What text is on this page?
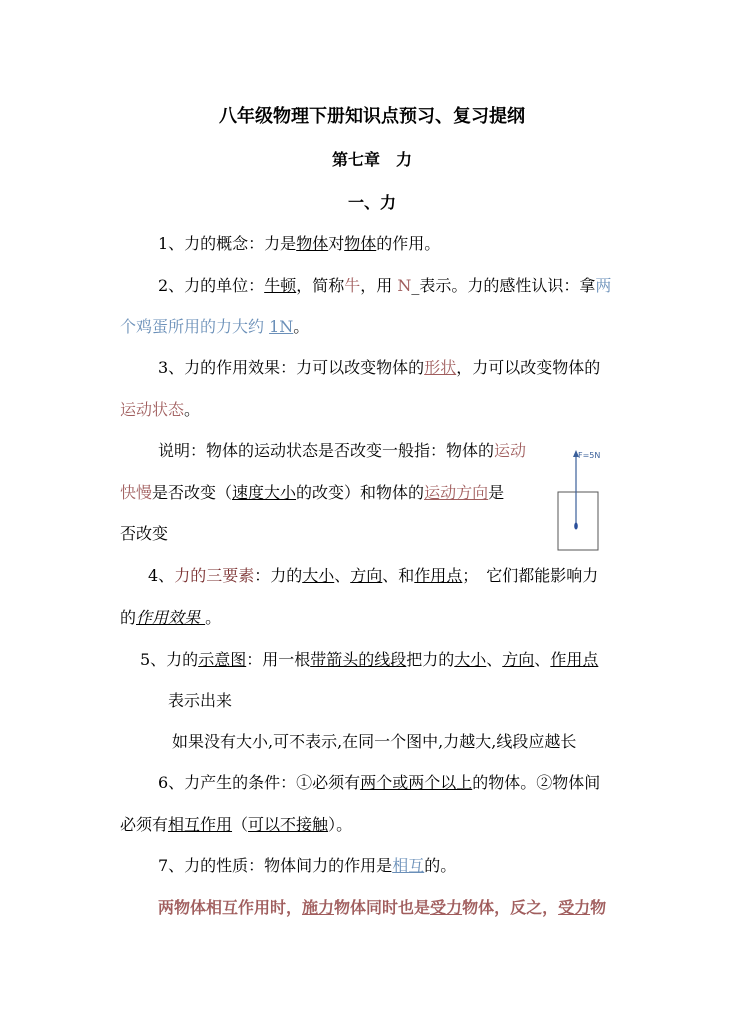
八年级物理下册知识点预习、复习提纲
第七章　力
一、力
1、力的概念：力是物体对物体的作用。
2、力的单位：牛顿，简称牛，用 N_表示。力的感性认识：拿两
个鸡蛋所用的力大约 1N。
3、力的作用效果：力可以改变物体的形状，力可以改变物体的
运动状态。
说明：物体的运动状态是否改变一般指：物体的运动
快慢是否改变（速度大小的改变）和物体的运动方向是
否改变
F=5N
4、力的三要素：力的大小、方向、和作用点；　它们都能影响力
的作用效果 。
5、力的示意图：用一根带箭头的线段把力的大小、方向、作用点
表示出来
如果没有大小,可不表示,在同一个图中,力越大,线段应越长
6、力产生的条件：①必须有两个或两个以上的物体。②物体间
必须有相互作用（可以不接触）。
7、力的性质：物体间力的作用是相互的。
两物体相互作用时，施力物体同时也是受力物体，反之，受力物
